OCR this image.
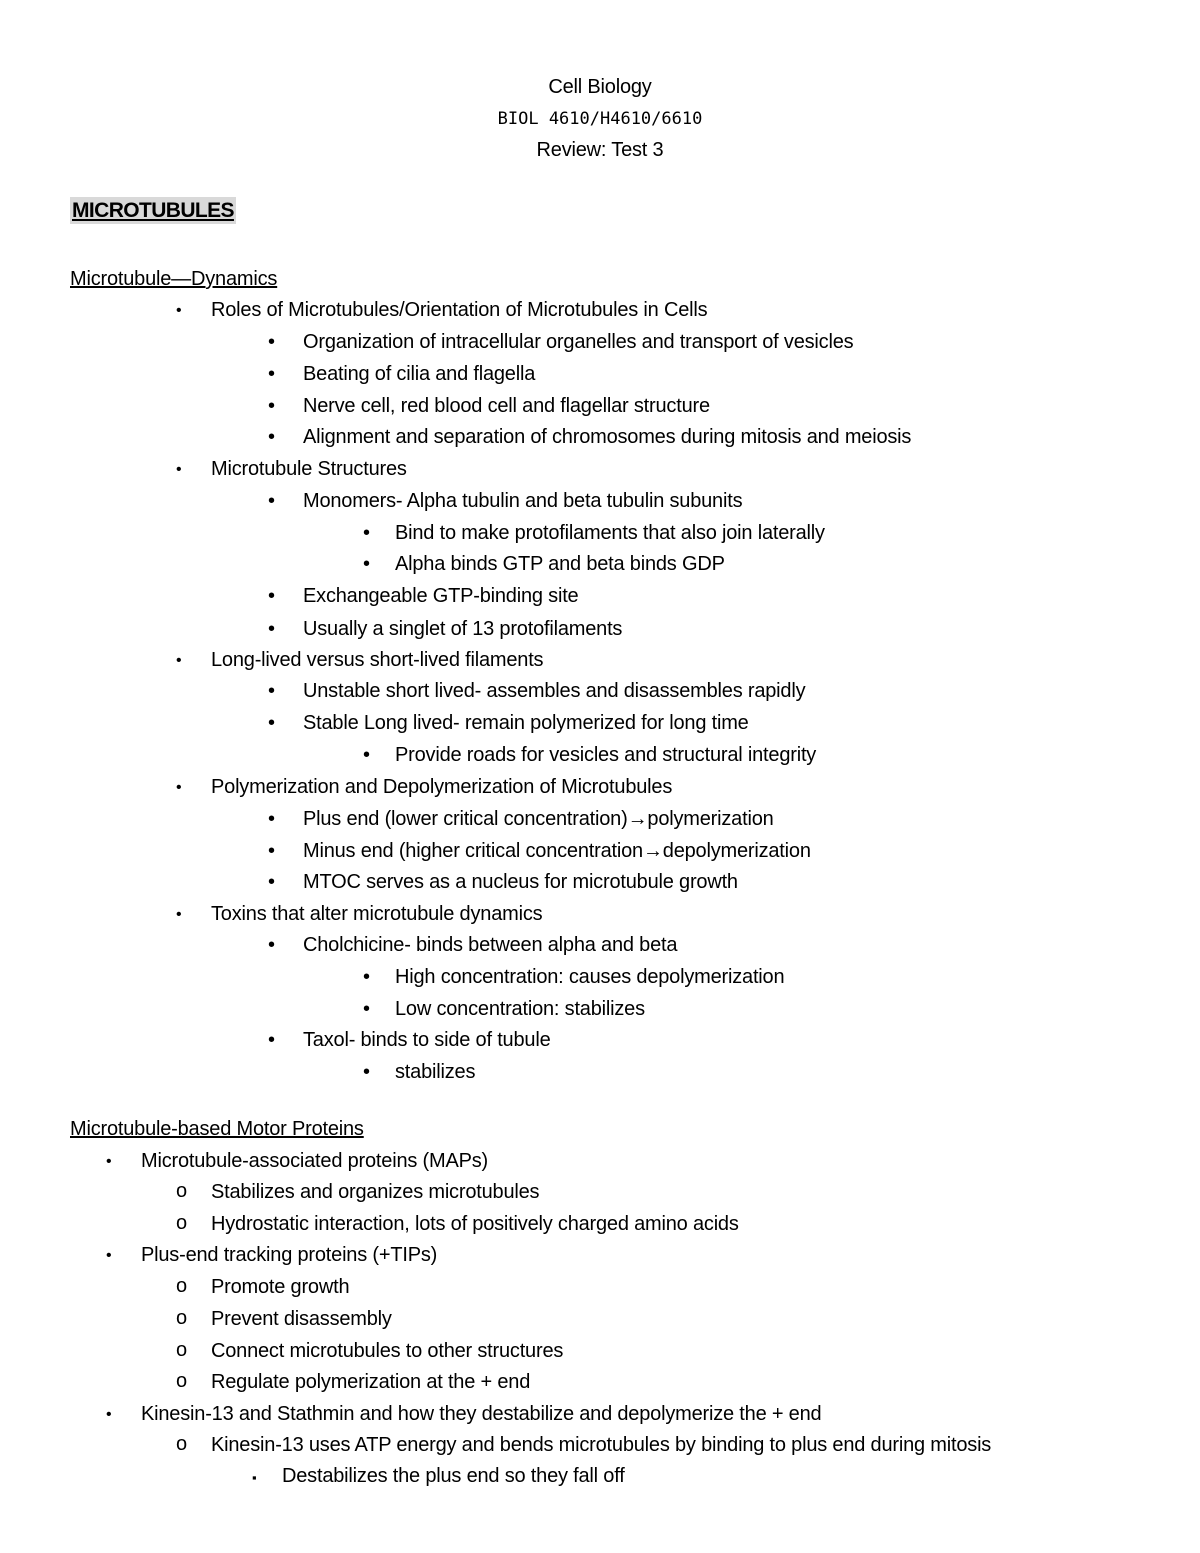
Cell Biology
BIOL 4610/H4610/6610
Review: Test 3
MICROTUBULES
Microtubule—Dynamics
• Roles of Microtubules/Orientation of Microtubules in Cells
• Organization of intracellular organelles and transport of vesicles
• Beating of cilia and flagella
• Nerve cell, red blood cell and flagellar structure
• Alignment and separation of chromosomes during mitosis and meiosis
• Microtubule Structures
• Monomers- Alpha tubulin and beta tubulin subunits
• Bind to make protofilaments that also join laterally
• Alpha binds GTP and beta binds GDP
• Exchangeable GTP-binding site
• Usually a singlet of 13 protofilaments
• Long-lived versus short-lived filaments
• Unstable short lived- assembles and disassembles rapidly
• Stable Long lived- remain polymerized for long time
• Provide roads for vesicles and structural integrity
• Polymerization and Depolymerization of Microtubules
• Plus end (lower critical concentration)→polymerization
• Minus end (higher critical concentration→depolymerization
• MTOC serves as a nucleus for microtubule growth
• Toxins that alter microtubule dynamics
• Cholchicine- binds between alpha and beta
• High concentration: causes depolymerization
• Low concentration: stabilizes
• Taxol- binds to side of tubule
• stabilizes
Microtubule-based Motor Proteins
• Microtubule-associated proteins (MAPs)
o Stabilizes and organizes microtubules
o Hydrostatic interaction, lots of positively charged amino acids
• Plus-end tracking proteins (+TIPs)
o Promote growth
o Prevent disassembly
o Connect microtubules to other structures
o Regulate polymerization at the + end
• Kinesin-13 and Stathmin and how they destabilize and depolymerize the + end
o Kinesin-13 uses ATP energy and bends microtubules by binding to plus end during mitosis
▪ Destabilizes the plus end so they fall off
